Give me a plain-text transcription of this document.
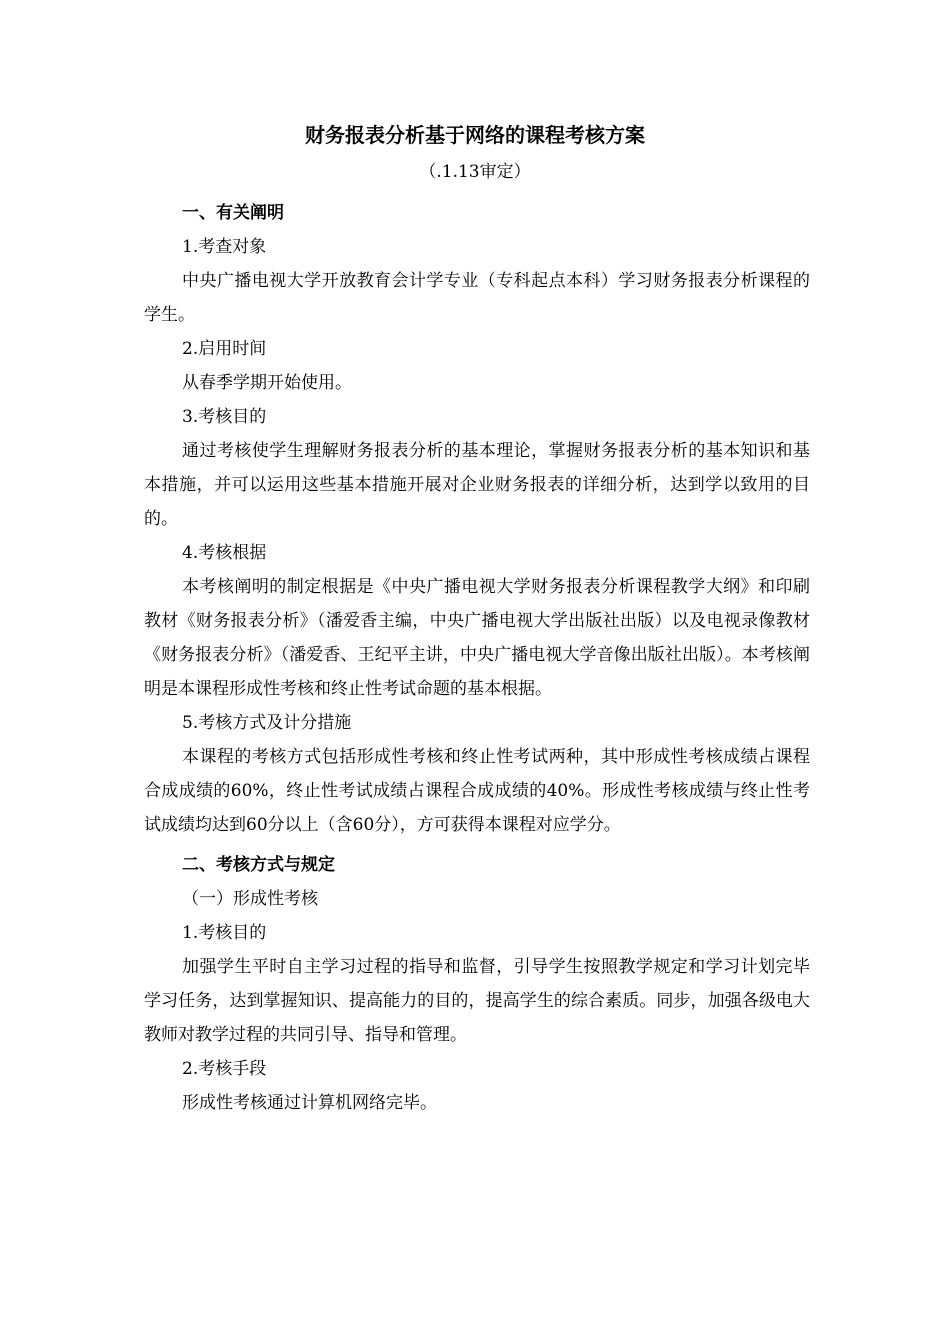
财务报表分析基于网络的课程考核方案
（.1.13审定）
一、有关阐明
1.考查对象
中央广播电视大学开放教育会计学专业（专科起点本科）学习财务报表分析课程的学生。
2.启用时间
从春季学期开始使用。
3.考核目的
通过考核使学生理解财务报表分析的基本理论，掌握财务报表分析的基本知识和基本措施，并可以运用这些基本措施开展对企业财务报表的详细分析，达到学以致用的目的。
4.考核根据
本考核阐明的制定根据是《中央广播电视大学财务报表分析课程教学大纲》和印刷教材《财务报表分析》（潘爱香主编，中央广播电视大学出版社出版）以及电视录像教材《财务报表分析》（潘爱香、王纪平主讲，中央广播电视大学音像出版社出版）。本考核阐明是本课程形成性考核和终止性考试命题的基本根据。
5.考核方式及计分措施
本课程的考核方式包括形成性考核和终止性考试两种，其中形成性考核成绩占课程合成成绩的60%，终止性考试成绩占课程合成成绩的40%。形成性考核成绩与终止性考试成绩均达到60分以上（含60分），方可获得本课程对应学分。
二、考核方式与规定
（一）形成性考核
1.考核目的
加强学生平时自主学习过程的指导和监督，引导学生按照教学规定和学习计划完毕学习任务，达到掌握知识、提高能力的目的，提高学生的综合素质。同步，加强各级电大教师对教学过程的共同引导、指导和管理。
2.考核手段
形成性考核通过计算机网络完毕。
